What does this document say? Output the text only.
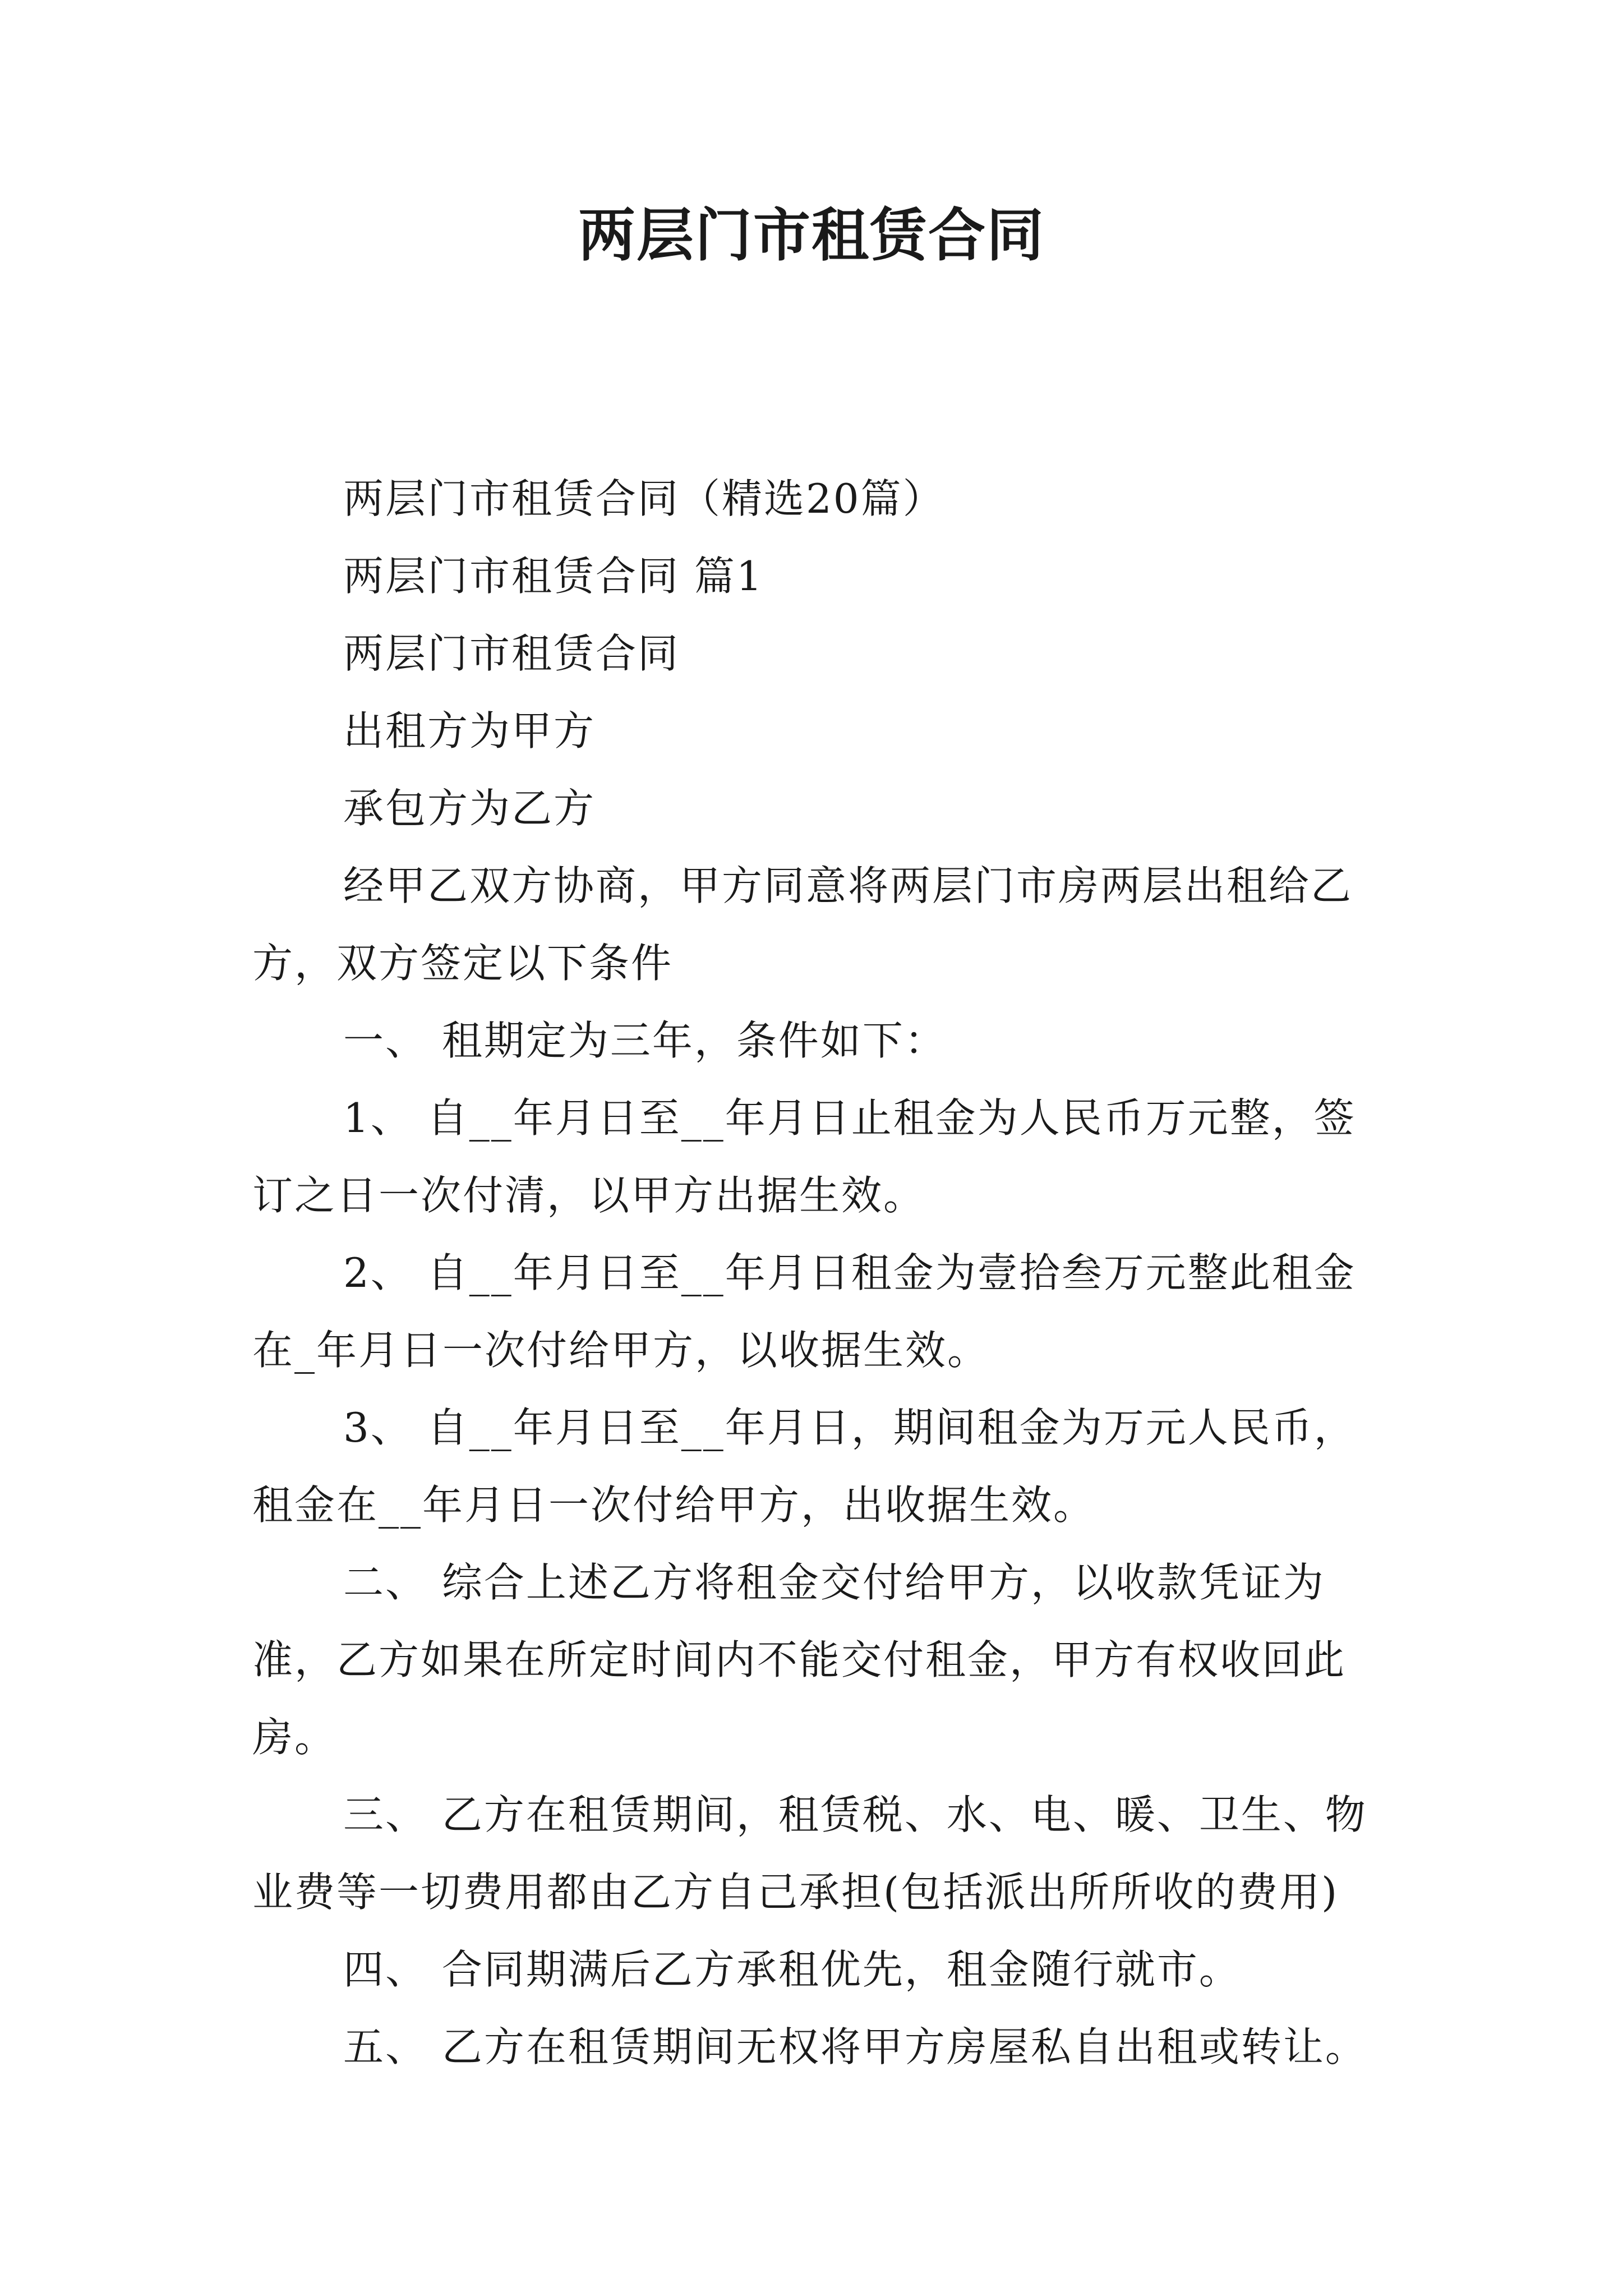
两层门市租赁合同

两层门市租赁合同（精选20篇）

两层门市租赁合同 篇1

两层门市租赁合同

出租方为甲方

承包方为乙方

经甲乙双方协商，甲方同意将两层门市房两层出租给乙方，双方签定以下条件

一、 租期定为三年，条件如下：

1、 自__年月日至__年月日止租金为人民币万元整，签订之日一次付清，以甲方出据生效。

2、 自__年月日至__年月日租金为壹拾叁万元整此租金在_年月日一次付给甲方，以收据生效。

3、 自__年月日至__年月日，期间租金为万元人民币，租金在__年月日一次付给甲方，出收据生效。

二、 综合上述乙方将租金交付给甲方，以收款凭证为准，乙方如果在所定时间内不能交付租金，甲方有权收回此房。

三、 乙方在租赁期间，租赁税、水、电、暖、卫生、物业费等一切费用都由乙方自己承担(包括派出所所收的费用)

四、 合同期满后乙方承租优先，租金随行就市。

五、 乙方在租赁期间无权将甲方房屋私自出租或转让。
